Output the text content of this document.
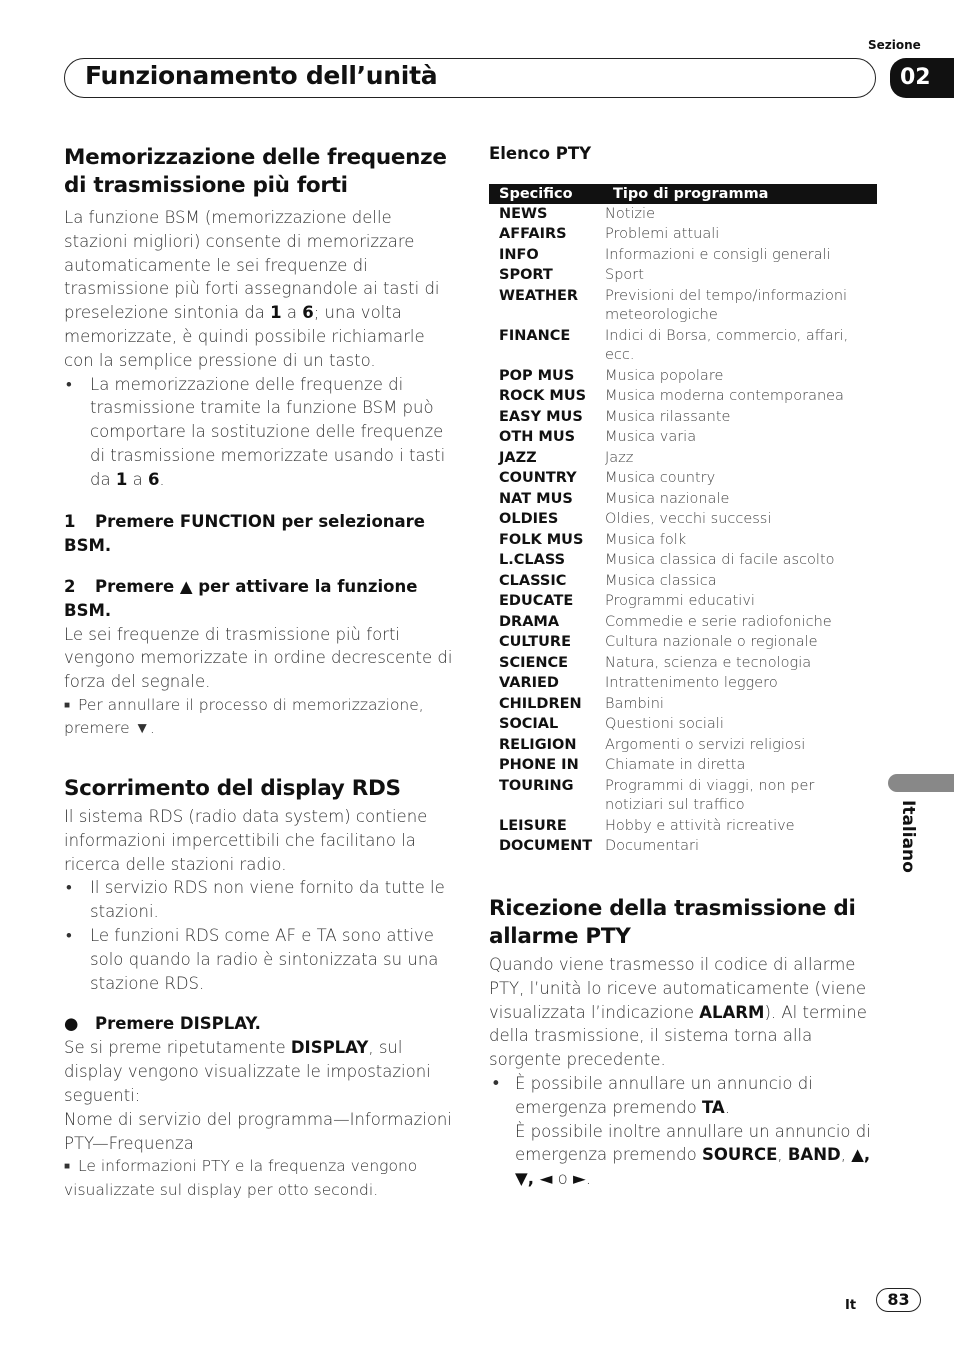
Sezione
Funzionamento dell’unità	02
Memorizzazione delle frequenze di trasmissione più forti

La funzione BSM (memorizzazione delle stazioni migliori) consente di memorizzare automaticamente le sei frequenze di trasmissione più forti assegnandole ai tasti di preselezione sintonia da 1 a 6; una volta memorizzate, è quindi possibile richiamarle con la semplice pressione di un tasto.

• La memorizzazione delle frequenze di trasmissione tramite la funzione BSM può comportare la sostituzione delle frequenze di trasmissione memorizzate usando i tasti da 1 a 6.

1 Premere FUNCTION per selezionare BSM.
2 Premere ▲ per attivare la funzione BSM.

Le sei frequenze di trasmissione più forti vengono memorizzate in ordine decrescente di forza del segnale.

■ Per annullare il processo di memorizzazione, premere ▼.

Scorrimento del display RDS

Il sistema RDS (radio data system) contiene informazioni impercettibili che facilitano la ricerca delle stazioni radio.

• Il servizio RDS non viene fornito da tutte le stazioni.

• Le funzioni RDS come AF e TA sono attive solo quando la radio è sintonizzata su una stazione RDS.

● Premere DISPLAY.

Se si preme ripetutamente DISPLAY, sul display vengono visualizzate le impostazioni seguenti:

Nome di servizio del programma—Informazioni PTY—Frequenza

■ Le informazioni PTY e la frequenza vengono visualizzate sul display per otto secondi.

Elenco PTY
Specifico	Tipo di programma
NEWS	Notizie
AFFAIRS	Problemi attuali
INFO	Informazioni e consigli generali
SPORT	Sport
WEATHER	Previsioni del tempo/informazioni meteorologiche
FINANCE	Indici di Borsa, commercio, affari, ecc.
POP MUS	Musica popolare
ROCK MUS	Musica moderna contemporanea
EASY MUS	Musica rilassante
OTH MUS	Musica varia
JAZZ	Jazz
COUNTRY	Musica country
NAT MUS	Musica nazionale
OLDIES	Oldies, vecchi successi
FOLK MUS	Musica folk
L.CLASS	Musica classica di facile ascolto
CLASSIC	Musica classica
EDUCATE	Programmi educativi
DRAMA	Commedie e serie radiofoniche
CULTURE	Cultura nazionale o regionale
SCIENCE	Natura, scienza e tecnologia
VARIED	Intrattenimento leggero
CHILDREN	Bambini
SOCIAL	Questioni sociali
RELIGION	Argomenti o servizi religiosi
PHONE IN	Chiamate in diretta
TOURING	Programmi di viaggi, non per notiziari sul traffico
LEISURE	Hobby e attività ricreative
DOCUMENT	Documentari
Ricezione della trasmissione di allarme PTY

Quando viene trasmesso il codice di allarme PTY, l’unità lo riceve automaticamente (viene visualizzata l’indicazione ALARM). Al termine della trasmissione, il sistema torna alla sorgente precedente.

• È possibile annullare un annuncio di emergenza premendo TA.

È possibile inoltre annullare un annuncio di emergenza premendo SOURCE, BAND, ▲, ▼, ◄ o ►.

Italiano
It	83
